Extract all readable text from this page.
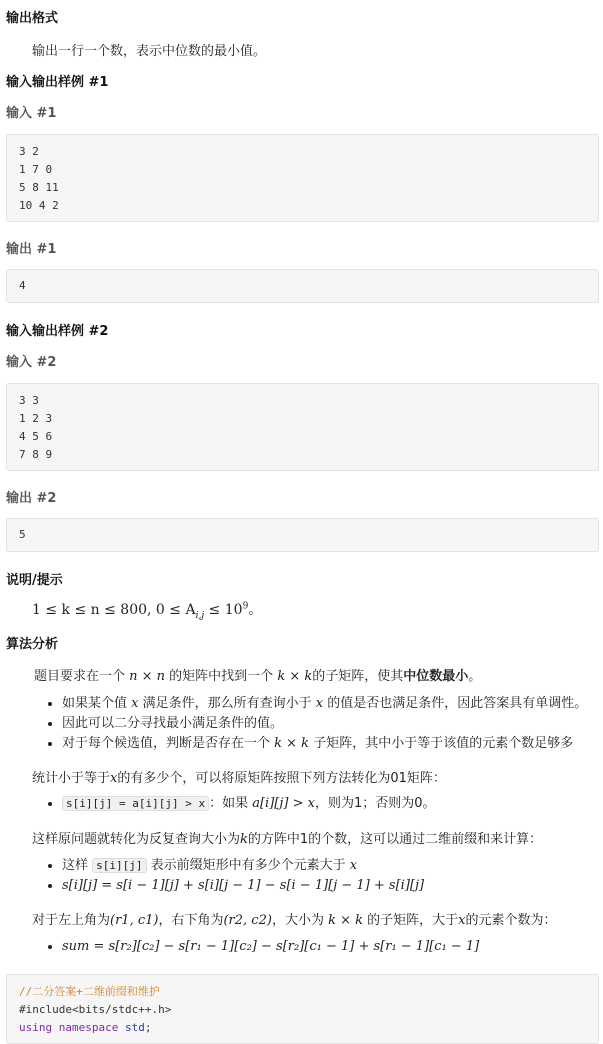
输出格式

输出一行一个数，表示中位数的最小值。

输入输出样例 #1

输入 #1

3 2
1 7 0
5 8 11
10 4 2

输出 #1

4

输入输出样例 #2

输入 #2

3 3
1 2 3
4 5 6
7 8 9

输出 #2

5

说明/提示

1 ≤ k ≤ n ≤ 800, $0 \le A_{i,j} \le 10^9$。

算法分析

题目要求在一个 n × n 的矩阵中找到一个 k × k的子矩阵，使其中位数最小。

• 如果某个值 x 满足条件，那么所有查询小于 x 的值是否也满足条件，因此答案具有单调性。
• 因此可以二分寻找最小满足条件的值。
• 对于每个候选值，判断是否存在一个 k × k 子矩阵，其中小于等于该值的元素个数足够多

统计小于等于x的有多少个，可以将原矩阵按照下列方法转化为01矩阵：

• s[i][j] = a[i][j] > x ：如果 a[i][j] > x，则为1；否则为0。

这样原问题就转化为反复查询大小为k的方阵中1的个数，这可以通过二维前缀和来计算：

• 这样 s[i][j] 表示前缀矩形中有多少个元素大于 x
• s[i][j] = s[i − 1][j] + s[i][j − 1] − s[i − 1][j − 1] + s[i][j]

对于左上角为(r1, c1)，右下角为(r2, c2)，大小为 k × k 的子矩阵，大于x的元素个数为：

• sum = s[r₂][c₂] − s[r₁ − 1][c₂] − s[r₂][c₁ − 1] + s[r₁ − 1][c₁ − 1]
//二分答案+二维前缀和维护
#include<bits/stdc++.h>
using namespace std;
